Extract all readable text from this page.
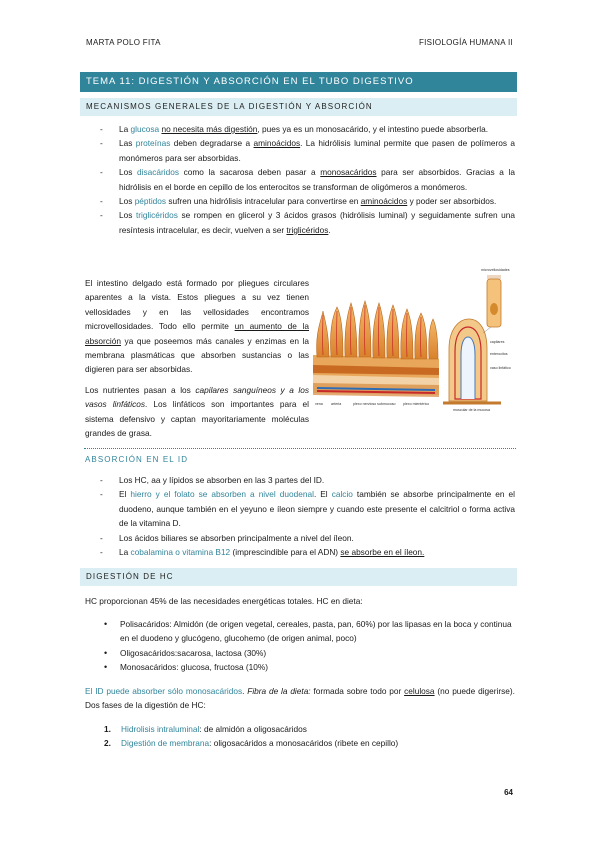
MARTA POLO FITA	FISIOLOGÍA HUMANA II
TEMA 11: DIGESTIÓN Y ABSORCIÓN EN EL TUBO DIGESTIVO
MECANISMOS GENERALES DE LA DIGESTIÓN Y ABSORCIÓN
- La glucosa no necesita más digestión, pues ya es un monosacárido, y el intestino puede absorberla.
- Las proteínas deben degradarse a aminoácidos. La hidrólisis luminal permite que pasen de polímeros a monómeros para ser absorbidas.
- Los disacáridos como la sacarosa deben pasar a monosacáridos para ser absorbidos. Gracias a la hidrólisis en el borde en cepillo de los enterocitos se transforman de oligómeros a monómeros.
- Los péptidos sufren una hidrólisis intracelular para convertirse en aminoácidos y poder ser absorbidos.
- Los triglicéridos se rompen en glicerol y 3 ácidos grasos (hidrólisis luminal) y seguidamente sufren una resíntesis intracelular, es decir, vuelven a ser triglicéridos.

El intestino delgado está formado por pliegues circulares aparentes a la vista. Estos pliegues a su vez tienen vellosidades y en las vellosidades encontramos microvellosidades. Todo ello permite un aumento de la absorción ya que poseemos más canales y enzimas en la membrana plasmáticas que absorben sustancias o las digieren para ser absorbidas.

Los nutrientes pasan a los capilares sanguíneos y a los vasos linfáticos. Los linfáticos son importantes para el sistema defensivo y captan mayoritariamente moléculas grandes de grasa.

microvellosidades
capilares
enterocitos
vaso linfático
muscular de la mucosa
vena arteria	plexo nervioso submucoso plexo mientérico
ABSORCIÓN EN EL ID
- Los HC, aa y lípidos se absorben en las 3 partes del ID.
- El hierro y el folato se absorben a nivel duodenal. El calcio también se absorbe principalmente en el duodeno, aunque también en el yeyuno e íleon siempre y cuando este presente el calcitriol o forma activa de la vitamina D.
- Los ácidos biliares se absorben principalmente a nivel del íleon.
- La cobalamina o vitamina B12 (imprescindible para el ADN) se absorbe en el íleon.
DIGESTIÓN DE HC

HC proporcionan 45% de las necesidades energéticas totales. HC en dieta:

• Polisacáridos: Almidón (de origen vegetal, cereales, pasta, pan, 60%) por las lipasas en la boca y continua en el duodeno y glucógeno, glucohemo (de origen animal, poco)
• Oligosacáridos:sacarosa, lactosa (30%)
• Monosacáridos: glucosa, fructosa (10%)

El ID puede absorber sólo monosacáridos. Fibra de la dieta: formada sobre todo por celulosa (no puede digerirse). Dos fases de la digestión de HC:

1. Hidrolisis intraluminal: de almidón a oligosacáridos
2. Digestión de membrana: oligosacáridos a monosacáridos (ribete en cepillo)
64
